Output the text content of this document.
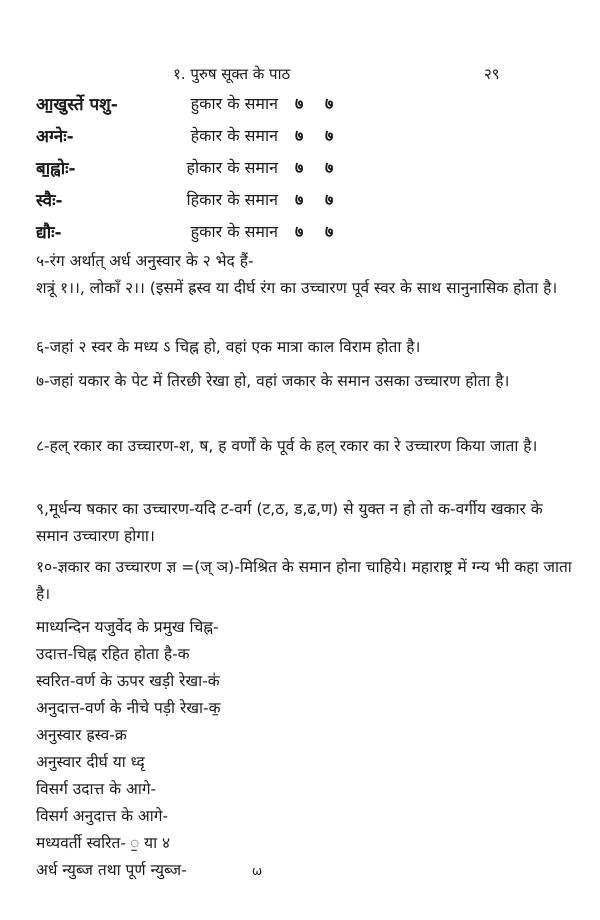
१. पुरुष सूक्त के पाठ	२९
आ॒खुर्स्ते पशु-	हुकार के समान ७ ७
अग्नेः-	हेकार के समान ७ ७
बा॒ह्वोः-	होकार के समान ७ ७
स्वैः-	हिकार के समान ७ ७
द्यौः-	हुकार के समान ७ ७
५-रंग अर्थात् अर्ध अनुस्वार के २ भेद हैं-
शत्रूं १।।, लोकाँ २।। (इसमें ह्रस्व या दीर्घ रंग का उच्चारण पूर्व स्वर के साथ सानुनासिक होता है।
६-जहां २ स्वर के मध्य ऽ चिह्न हो, वहां एक मात्रा काल विराम होता है।
७-जहां यकार के पेट में तिरछी रेखा हो, वहां जकार के समान उसका उच्चारण होता है।
८-हल् रकार का उच्चारण-श, ष, ह वर्णों के पूर्व के हल् रकार का रे उच्चारण किया जाता है।
९,मूर्धन्य षकार का उच्चारण-यदि ट-वर्ग (ट,ठ, ड,ढ,ण) से युक्त न हो तो क-वर्गीय खकार के समान उच्चारण होगा।
१०-ज्ञकार का उच्चारण ज्ञ =(ज् ञ)-मिश्रित के समान होना चाहिये। महाराष्ट्र में ग्न्य भी कहा जाता है।
माध्यन्दिन यजुर्वेद के प्रमुख चिह्न-
उदात्त-चिह्न रहित होता है-क
स्वरित-वर्ण के ऊपर खड़ी रेखा-क॑
अनुदात्त-वर्ण के नीचे पड़ी रेखा-क॒
अनुस्वार ह्रस्व-क्र
अनुस्वार दीर्घ या ध्दृ
विसर्ग उदात्त के आगे-
विसर्ग अनुदात्त के आगे-
मध्यवर्ती स्वरित- ॒ या ४
अर्ध न्युब्ज तथा पूर्ण न्युब्ज-	ω
